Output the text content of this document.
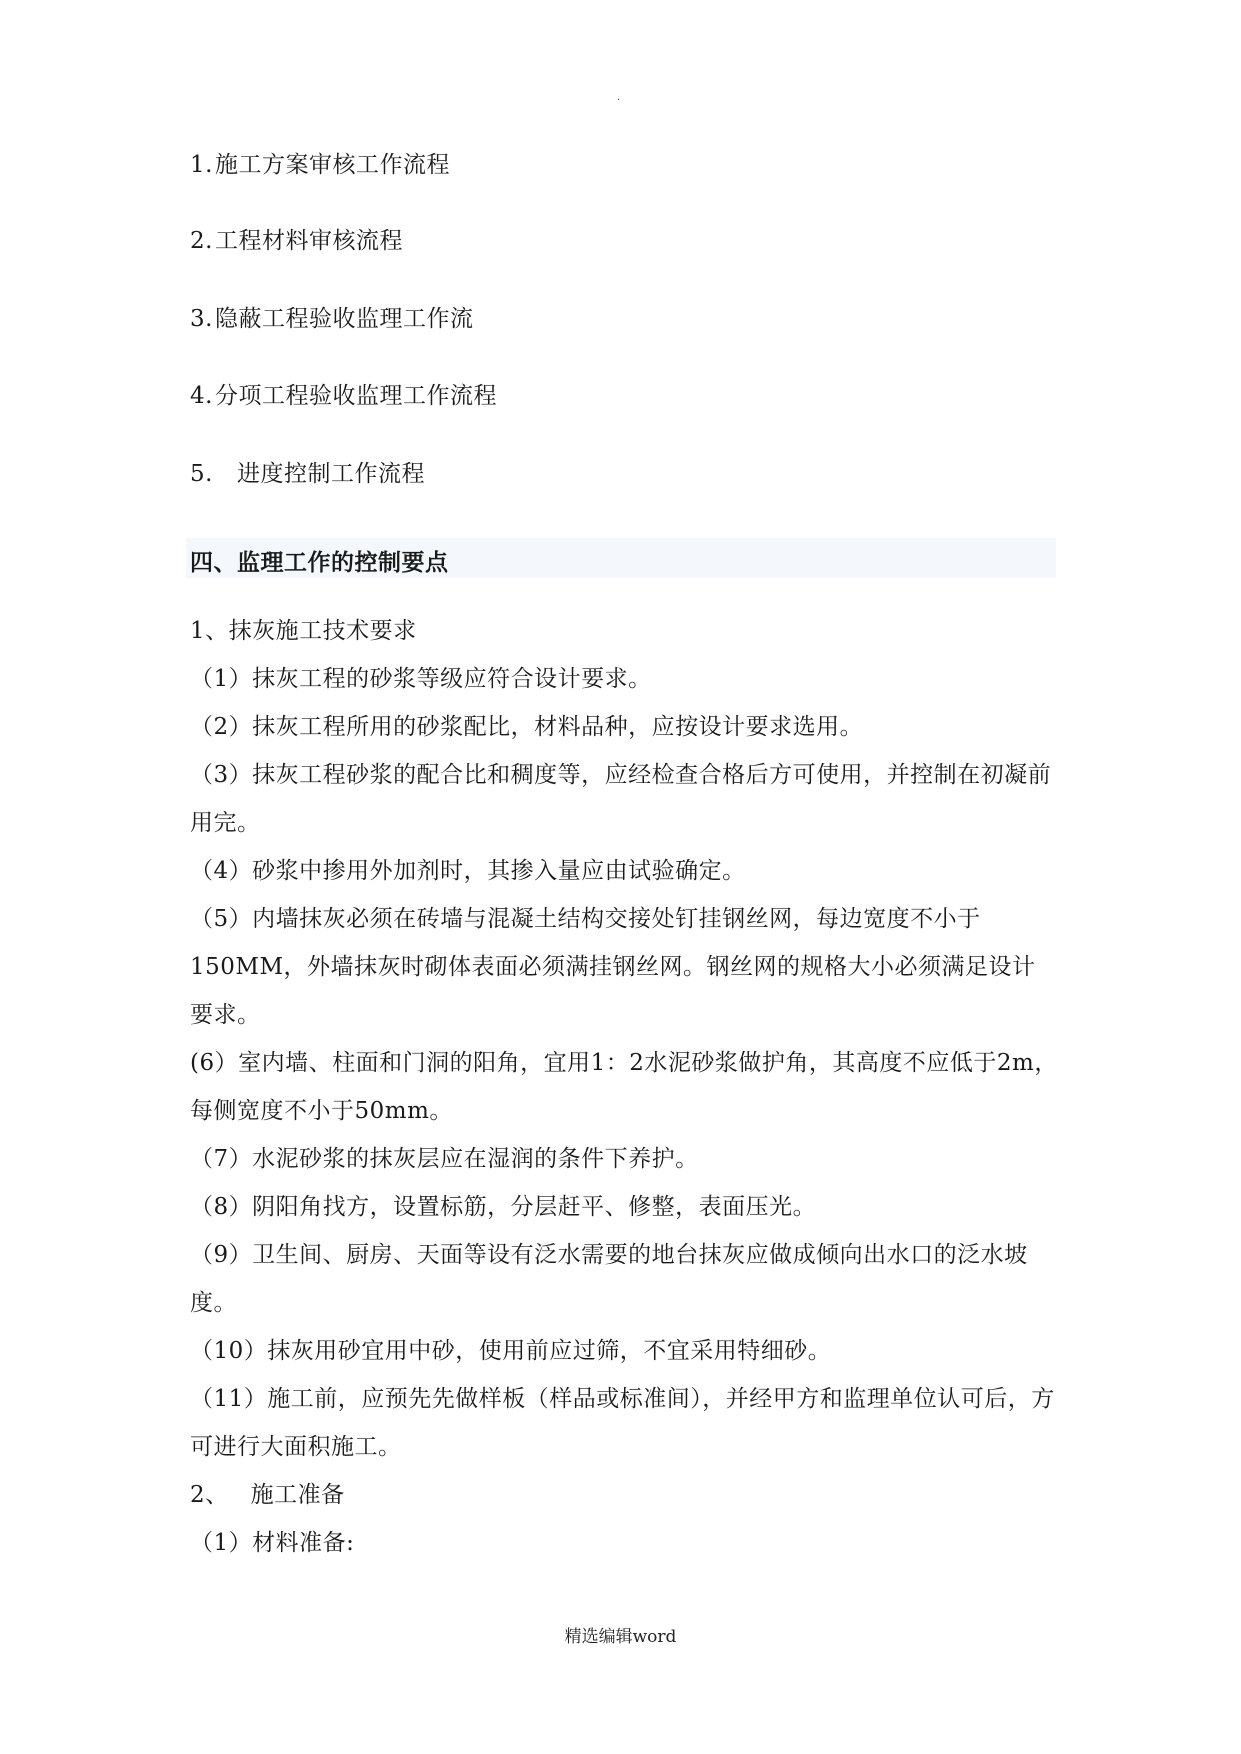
.
1.施工方案审核工作流程
2.工程材料审核流程
3.隐蔽工程验收监理工作流
4.分项工程验收监理工作流程
5. 进度控制工作流程
四、监理工作的控制要点

1、抹灰施工技术要求

（1）抹灰工程的砂浆等级应符合设计要求。

（2）抹灰工程所用的砂浆配比，材料品种，应按设计要求选用。

（3）抹灰工程砂浆的配合比和稠度等，应经检查合格后方可使用，并控制在初凝前用完。

（4）砂浆中掺用外加剂时，其掺入量应由试验确定。

（5）内墙抹灰必须在砖墙与混凝土结构交接处钉挂钢丝网，每边宽度不小于150MM，外墙抹灰时砌体表面必须满挂钢丝网。钢丝网的规格大小必须满足设计要求。

(6）室内墙、柱面和门洞的阳角，宜用1：2水泥砂浆做护角，其高度不应低于2m，每侧宽度不小于50mm。

（7）水泥砂浆的抹灰层应在湿润的条件下养护。

（8）阴阳角找方，设置标筋，分层赶平、修整，表面压光。

（9）卫生间、厨房、天面等设有泛水需要的地台抹灰应做成倾向出水口的泛水坡度。

（10）抹灰用砂宜用中砂，使用前应过筛，不宜采用特细砂。

（11）施工前，应预先先做样板（样品或标准间），并经甲方和监理单位认可后，方可进行大面积施工。

2、 施工准备

（1）材料准备:

精选编辑word
